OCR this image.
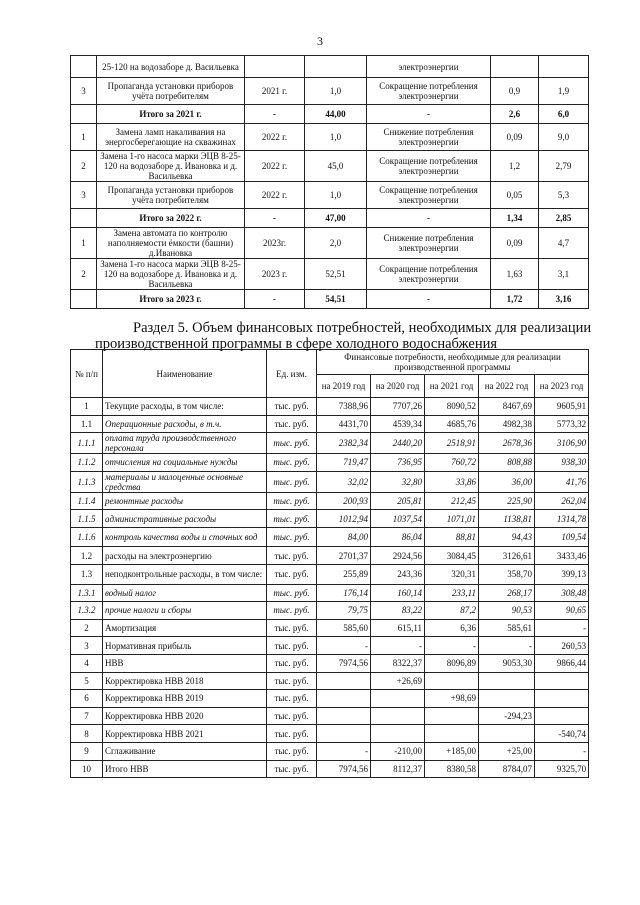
3
	25-120 на водозаборе д. Васильевка			электроэнергии		
3	Пропаганда установки приборов учёта потребителям	2021 г.	1,0	Сокращение потребления электроэнергии	0,9	1,9
	Итого за 2021 г.	-	44,00	-	2,6	6,0
1	Замена ламп накаливания на энергосберегающие на скважинах	2022 г.	1,0	Снижение потребления электроэнергии	0,09	9,0
2	Замена 1-го насоса марки ЭЦВ 8-25-120 на водозаборе д. Ивановка и д. Васильевка	2022 г.	45,0	Сокращение потребления электроэнергии	1,2	2,79
3	Пропаганда установки приборов учёта потребителям	2022 г.	1,0	Сокращение потребления электроэнергии	0,05	5,3
	Итого за 2022 г.	-	47,00	-	1,34	2,85
1	Замена автомата по контролю наполняемости ёмкости (башни) д.Ивановка	2023г.	2,0	Снижение потребления электроэнергии	0,09	4,7
2	Замена 1-го насоса марки ЭЦВ 8-25-120 на водозаборе д. Ивановка и д. Васильевка	2023 г.	52,51	Сокращение потребления электроэнергии	1,63	3,1
	Итого за 2023 г.	-	54,51	-	1,72	3,16
Раздел 5. Объем финансовых потребностей, необходимых для реализации
производственной программы в сфере холодного водоснабжения
№ п/п	Наименование	Ед. изм.	Финансовые потребности, необходимые для реализации производственной программы				
			на 2019 год	на 2020 год	на 2021 год	на 2022 год	на 2023 год
1	Текущие расходы, в том числе:	тыс. руб.	7388,96	7707,26	8090,52	8467,69	9605,91
1.1	Операционные расходы, в т.ч.	тыс. руб.	4431,70	4539,34	4685,76	4982,38	5773,32
1.1.1	оплата труда производственного персонала	тыс. руб.	2382,34	2440,20	2518,91	2678,36	3106,90
1.1.2	отчисления на социальные нужды	тыс. руб.	719,47	736,95	760,72	808,88	938,30
1.1.3	материалы и малоценные основные средства	тыс. руб.	32,02	32,80	33,86	36,00	41,76
1.1.4	ремонтные расходы	тыс. руб.	200,93	205,81	212,45	225,90	262,04
1.1.5	административные расходы	тыс. руб.	1012,94	1037,54	1071,01	1138,81	1314,78
1.1.6	контроль качества воды и сточных вод	тыс. руб.	84,00	86,04	88,81	94,43	109,54
1.2	расходы на электроэнергию	тыс. руб.	2701,37	2924,56	3084,45	3126,61	3433,46
1.3	неподконтрольные расходы, в том числе:	тыс. руб.	255,89	243,36	320,31	358,70	399,13
1.3.1	водный налог	тыс. руб.	176,14	160,14	233,11	268,17	308,48
1.3.2	прочие налоги и сборы	тыс. руб.	79,75	83,22	87,2	90,53	90,65
2	Амортизация	тыс. руб.	585,60	615,11	6,36	585,61	-
3	Нормативная прибыль	тыс. руб.	-	-	-	-	260,53
4	НВВ	тыс. руб.	7974,56	8322,37	8096,89	9053,30	9866,44
5	Корректировка НВВ 2018	тыс. руб.		+26,69			
6	Корректировка НВВ 2019	тыс. руб.			+98,69		
7	Корректировка НВВ 2020	тыс. руб.				-294,23	
8	Корректировка НВВ 2021	тыс. руб.					-540,74
9	Сглаживание	тыс. руб.	-	-210,00	+185,00	+25,00	-
10	Итого НВВ	тыс. руб.	7974,56	8112,37	8380,58	8784,07	9325,70
